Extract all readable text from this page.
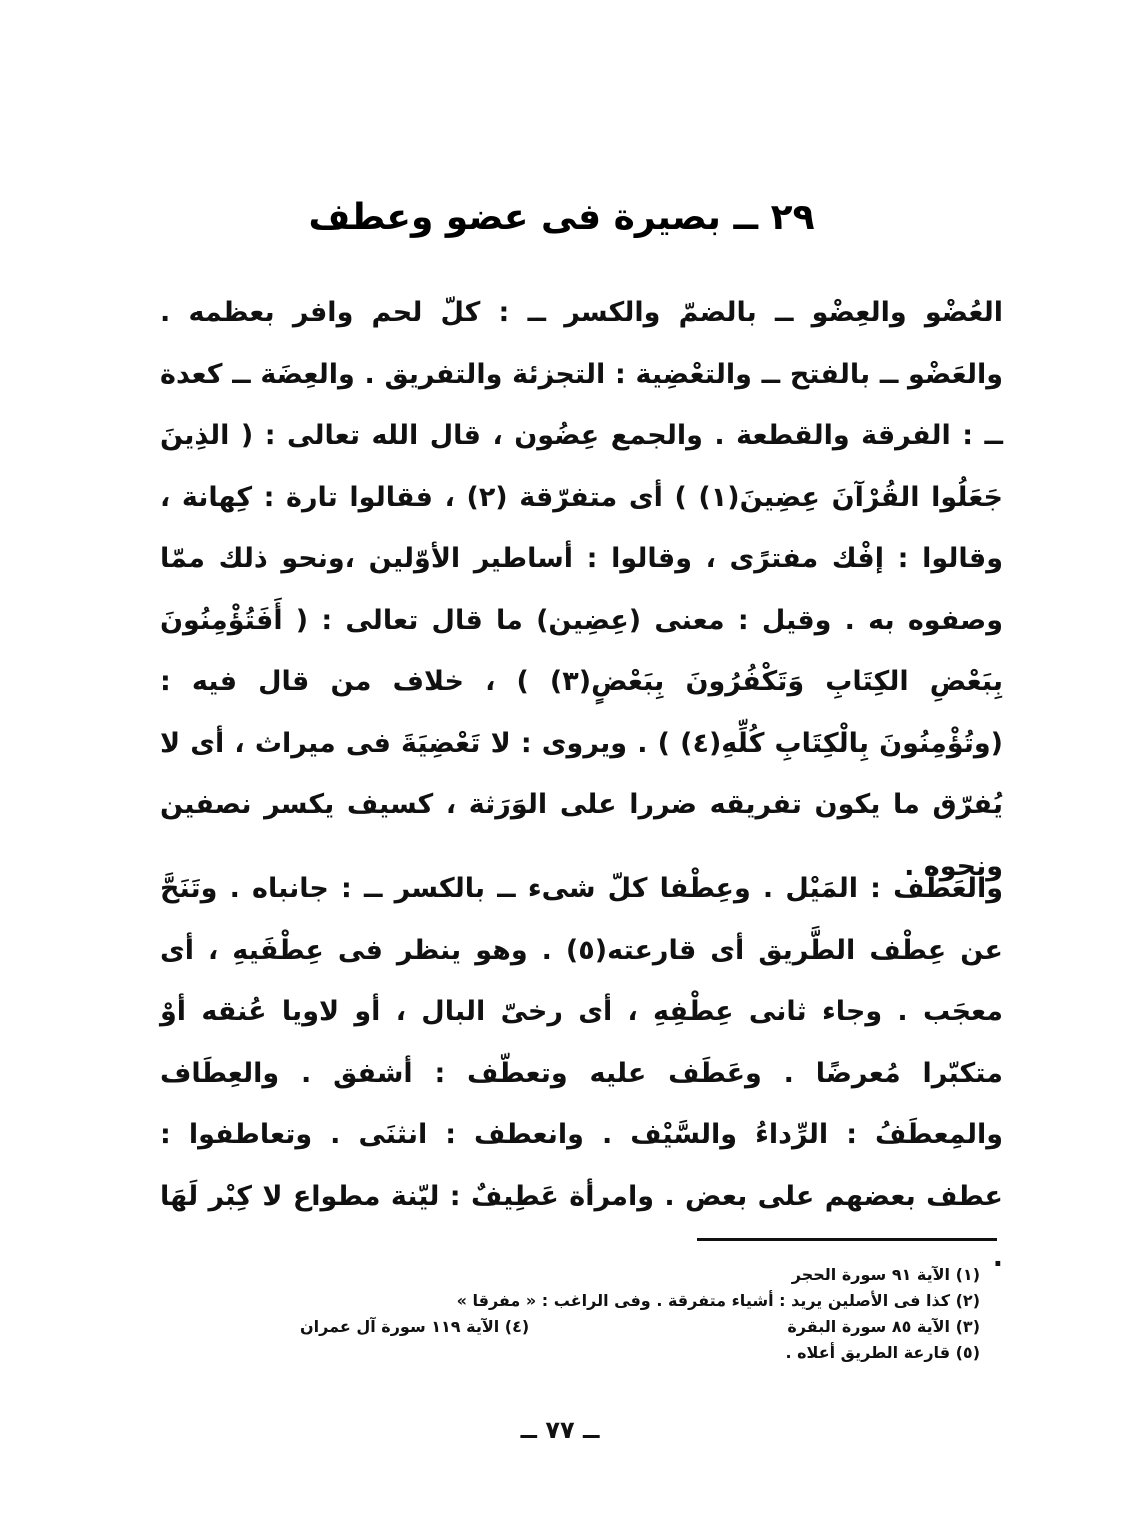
٢٩ ــ بصيرة فى عضو وعطف

العُضْو والعِضْو ــ بالضمّ والكسر ــ : كلّ لحم وافر بعظمه . والعَضْو ــ بالفتح ــ والتعْضِية : التجزئة والتفريق . والعِضَة ــ كعدة ــ : الفرقة والقطعة . والجمع عِضُون ، قال الله تعالى : ( الذِينَ جَعَلُوا القُرْآنَ عِضِينَ(١) ) أى متفرّقة (٢) ، فقالوا تارة : كِهانة ، وقالوا : إفْك مفترًى ، وقالوا : أساطير الأوّلين ،ونحو ذلك ممّا وصفوه به . وقيل : معنى (عِضِين) ما قال تعالى : ( أَفَتُؤْمِنُونَ بِبَعْضِ الكِتَابِ وَتَكْفُرُونَ بِبَعْضٍ(٣) ) ، خلاف من قال فيه : (وتُؤْمِنُونَ بِالْكِتَابِ كُلِّهِ(٤) ) . ويروى : لا تَعْضِيَةَ فى ميراث ، أى لا يُفرّق ما يكون تفريقه ضررا على الوَرَثة ، كسيف يكسر نصفين ونحوه .

والعَطْف : المَيْل . وعِطْفا كلّ شىء ــ بالكسر ــ : جانباه . وتَنَحَّ عن عِطْف الطَّريق أى قارعته(٥) . وهو ينظر فى عِطْفَيهِ ، أى معجَب . وجاء ثانى عِطْفِهِ ، أى رخىّ البال ، أو لاويا عُنقه أوْ متكبّرا مُعرضًا . وعَطَف عليه وتعطّف : أشفق . والعِطَاف والمِعطَفُ : الرِّداءُ والسَّيْف . وانعطف : انثنَى . وتعاطفوا : عطف بعضهم على بعض . وامرأة عَطِيفٌ : ليّنة مطواع لا كِبْر لَهَا .

(١) الآية ٩١ سورة الحجر
(٢) كذا فى الأصلين يريد : أشياء متفرقة . وفى الراغب : « مفرقا »
(٣) الآية ٨٥ سورة البقرة
(٤) الآية ١١٩ سورة آل عمران
(٥) قارعة الطريق أعلاه .
ــ ٧٧ ــ
